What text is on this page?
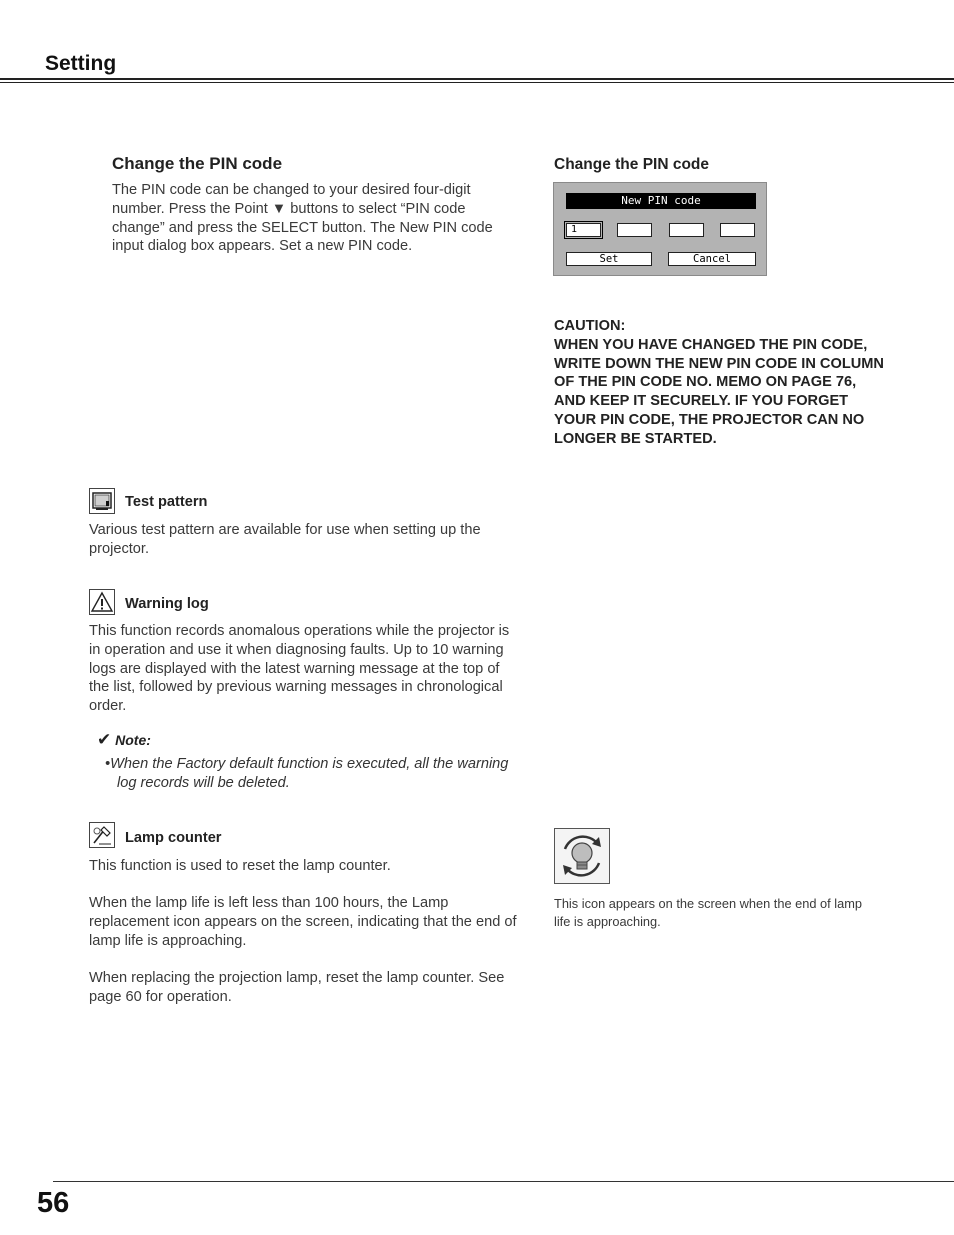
Setting
Change the PIN code
The PIN code can be changed to your desired four-digit number. Press the Point ▼ buttons to select “PIN code change” and press the SELECT button. The New PIN code input dialog box appears. Set a new PIN code.
Change the PIN code
New PIN code
1
Set	Cancel
CAUTION:
WHEN YOU HAVE CHANGED THE PIN CODE, WRITE DOWN THE NEW PIN CODE IN COLUMN OF THE PIN CODE NO. MEMO ON PAGE 76, AND KEEP IT SECURELY. IF YOU FORGET YOUR PIN CODE, THE PROJECTOR CAN NO LONGER BE STARTED.
Test pattern
Various test pattern are available for use when setting up the projector.
Warning log
This function records anomalous operations while the projector is in operation and use it when diagnosing faults. Up to 10 warning logs are displayed with the latest warning message at the top of the list, followed by previous warning messages in chronological order.
✔ Note:
•When the Factory default function is executed, all the warning log records will be deleted.
Lamp counter
This function is used to reset the lamp counter.
When the lamp life is left less than 100 hours, the Lamp replacement icon appears on the screen, indicating that the end of lamp life is approaching.
When replacing the projection lamp, reset the lamp counter. See page 60 for operation.
This icon appears on the screen when the end of lamp life is approaching.
56
